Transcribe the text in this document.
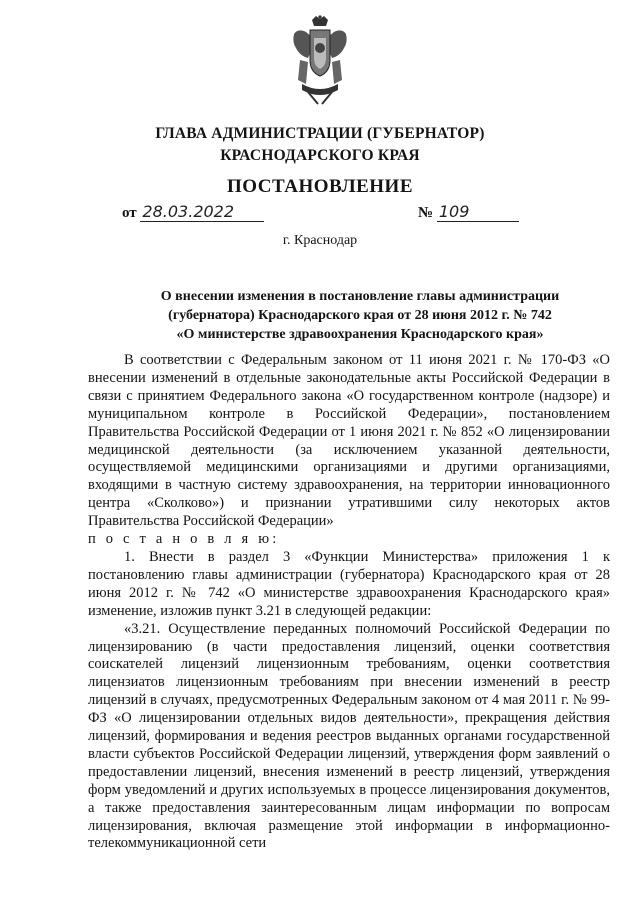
ГЛАВА АДМИНИСТРАЦИИ (ГУБЕРНАТОР)
КРАСНОДАРСКОГО КРАЯ
ПОСТАНОВЛЕНИЕ
от 28.03.2022	№ 109
г. Краснодар
О внесении изменения в постановление главы администрации
(губернатора) Краснодарского края от 28 июня 2012 г. № 742
«О министерстве здравоохранения Краснодарского края»

В соответствии с Федеральным законом от 11 июня 2021 г. № 170-ФЗ «О внесении изменений в отдельные законодательные акты Российской Федерации в связи с принятием Федерального закона «О государственном контроле (надзоре) и муниципальном контроле в Российской Федерации», постановлением Правительства Российской Федерации от 1 июня 2021 г. № 852 «О лицензировании медицинской деятельности (за исключением указанной деятельности, осуществляемой медицинскими организациями и другими организациями, входящими в частную систему здравоохранения, на территории инновационного центра «Сколково») и признании утратившими силу некоторых актов Правительства Российской Федерации»

п о с т а н о в л я ю:

1. Внести в раздел 3 «Функции Министерства» приложения 1 к постановлению главы администрации (губернатора) Краснодарского края от 28 июня 2012 г. № 742 «О министерстве здравоохранения Краснодарского края» изменение, изложив пункт 3.21 в следующей редакции:

«3.21. Осуществление переданных полномочий Российской Федерации по лицензированию (в части предоставления лицензий, оценки соответствия соискателей лицензий лицензионным требованиям, оценки соответствия лицензиатов лицензионным требованиям при внесении изменений в реестр лицензий в случаях, предусмотренных Федеральным законом от 4 мая 2011 г. № 99-ФЗ «О лицензировании отдельных видов деятельности», прекращения действия лицензий, формирования и ведения реестров выданных органами государственной власти субъектов Российской Федерации лицензий, утверждения форм заявлений о предоставлении лицензий, внесения изменений в реестр лицензий, утверждения форм уведомлений и других используемых в процессе лицензирования документов, а также предоставления заинтересованным лицам информации по вопросам лицензирования, включая размещение этой информации в информационно-телекоммуникационной сети
